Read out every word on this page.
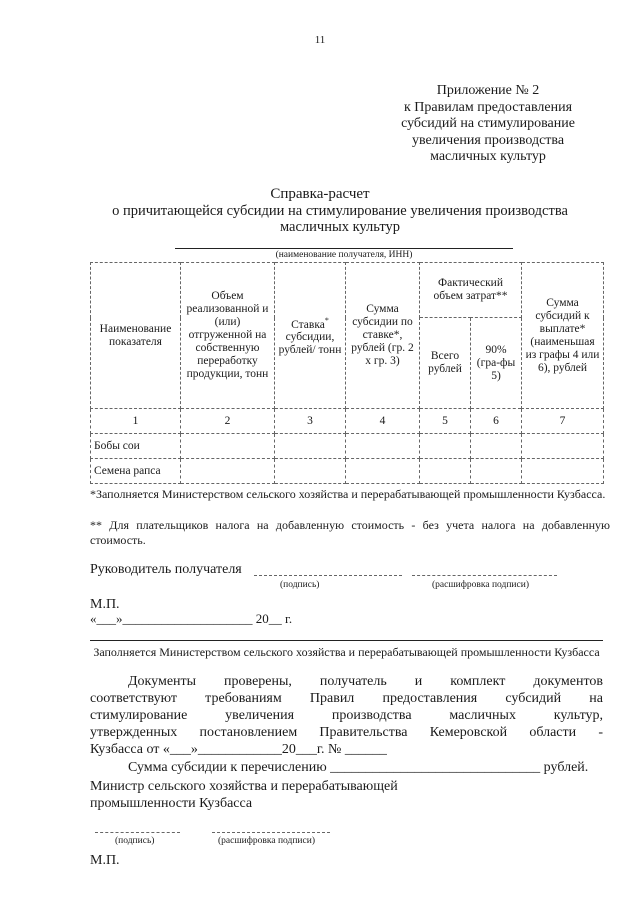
11
Приложение № 2
к Правилам предоставления
субсидий на стимулирование
увеличения производства
масличных культур
Справка-расчет
о причитающейся субсидии на стимулирование увеличения производства
масличных культур
(наименование получателя, ИНН)
Наименование показателя	Объем реализованной и (или) отгруженной на собственную переработку продукции, тонн	Ставка* субсидии, рублей/ тонн	Сумма субсидии по ставке*, рублей (гр. 2 х гр. 3)	Фактический объем затрат**		Сумма субсидий к выплате* (наименьшая из графы 4 или 6), рублей
				Всего рублей	90% (гра-фы 5)	
1	2	3	4	5	6	7
Бобы сои						
Семена рапса						
*Заполняется Министерством сельского хозяйства и перерабатывающей промышленности Кузбасса.
** Для плательщиков налога на добавленную стоимость - без учета налога на добавленную стоимость.
Руководитель получателя
(подпись)	(расшифровка подписи)
М.П.
«___»____________________ 20__ г.
Заполняется Министерством сельского хозяйства и перерабатывающей промышленности Кузбасса
Документы проверены, получатель и комплект документов
соответствуют требованиям Правил предоставления субсидий на
стимулирование увеличения производства масличных культур,
утвержденных постановлением Правительства Кемеровской области -
Кузбасса от «___»____________20___г. № ______
Сумма субсидии к перечислению ______________________________ рублей.
Министр сельского хозяйства и перерабатывающей
промышленности Кузбасса
(подпись)	(расшифровка подписи)
М.П.
